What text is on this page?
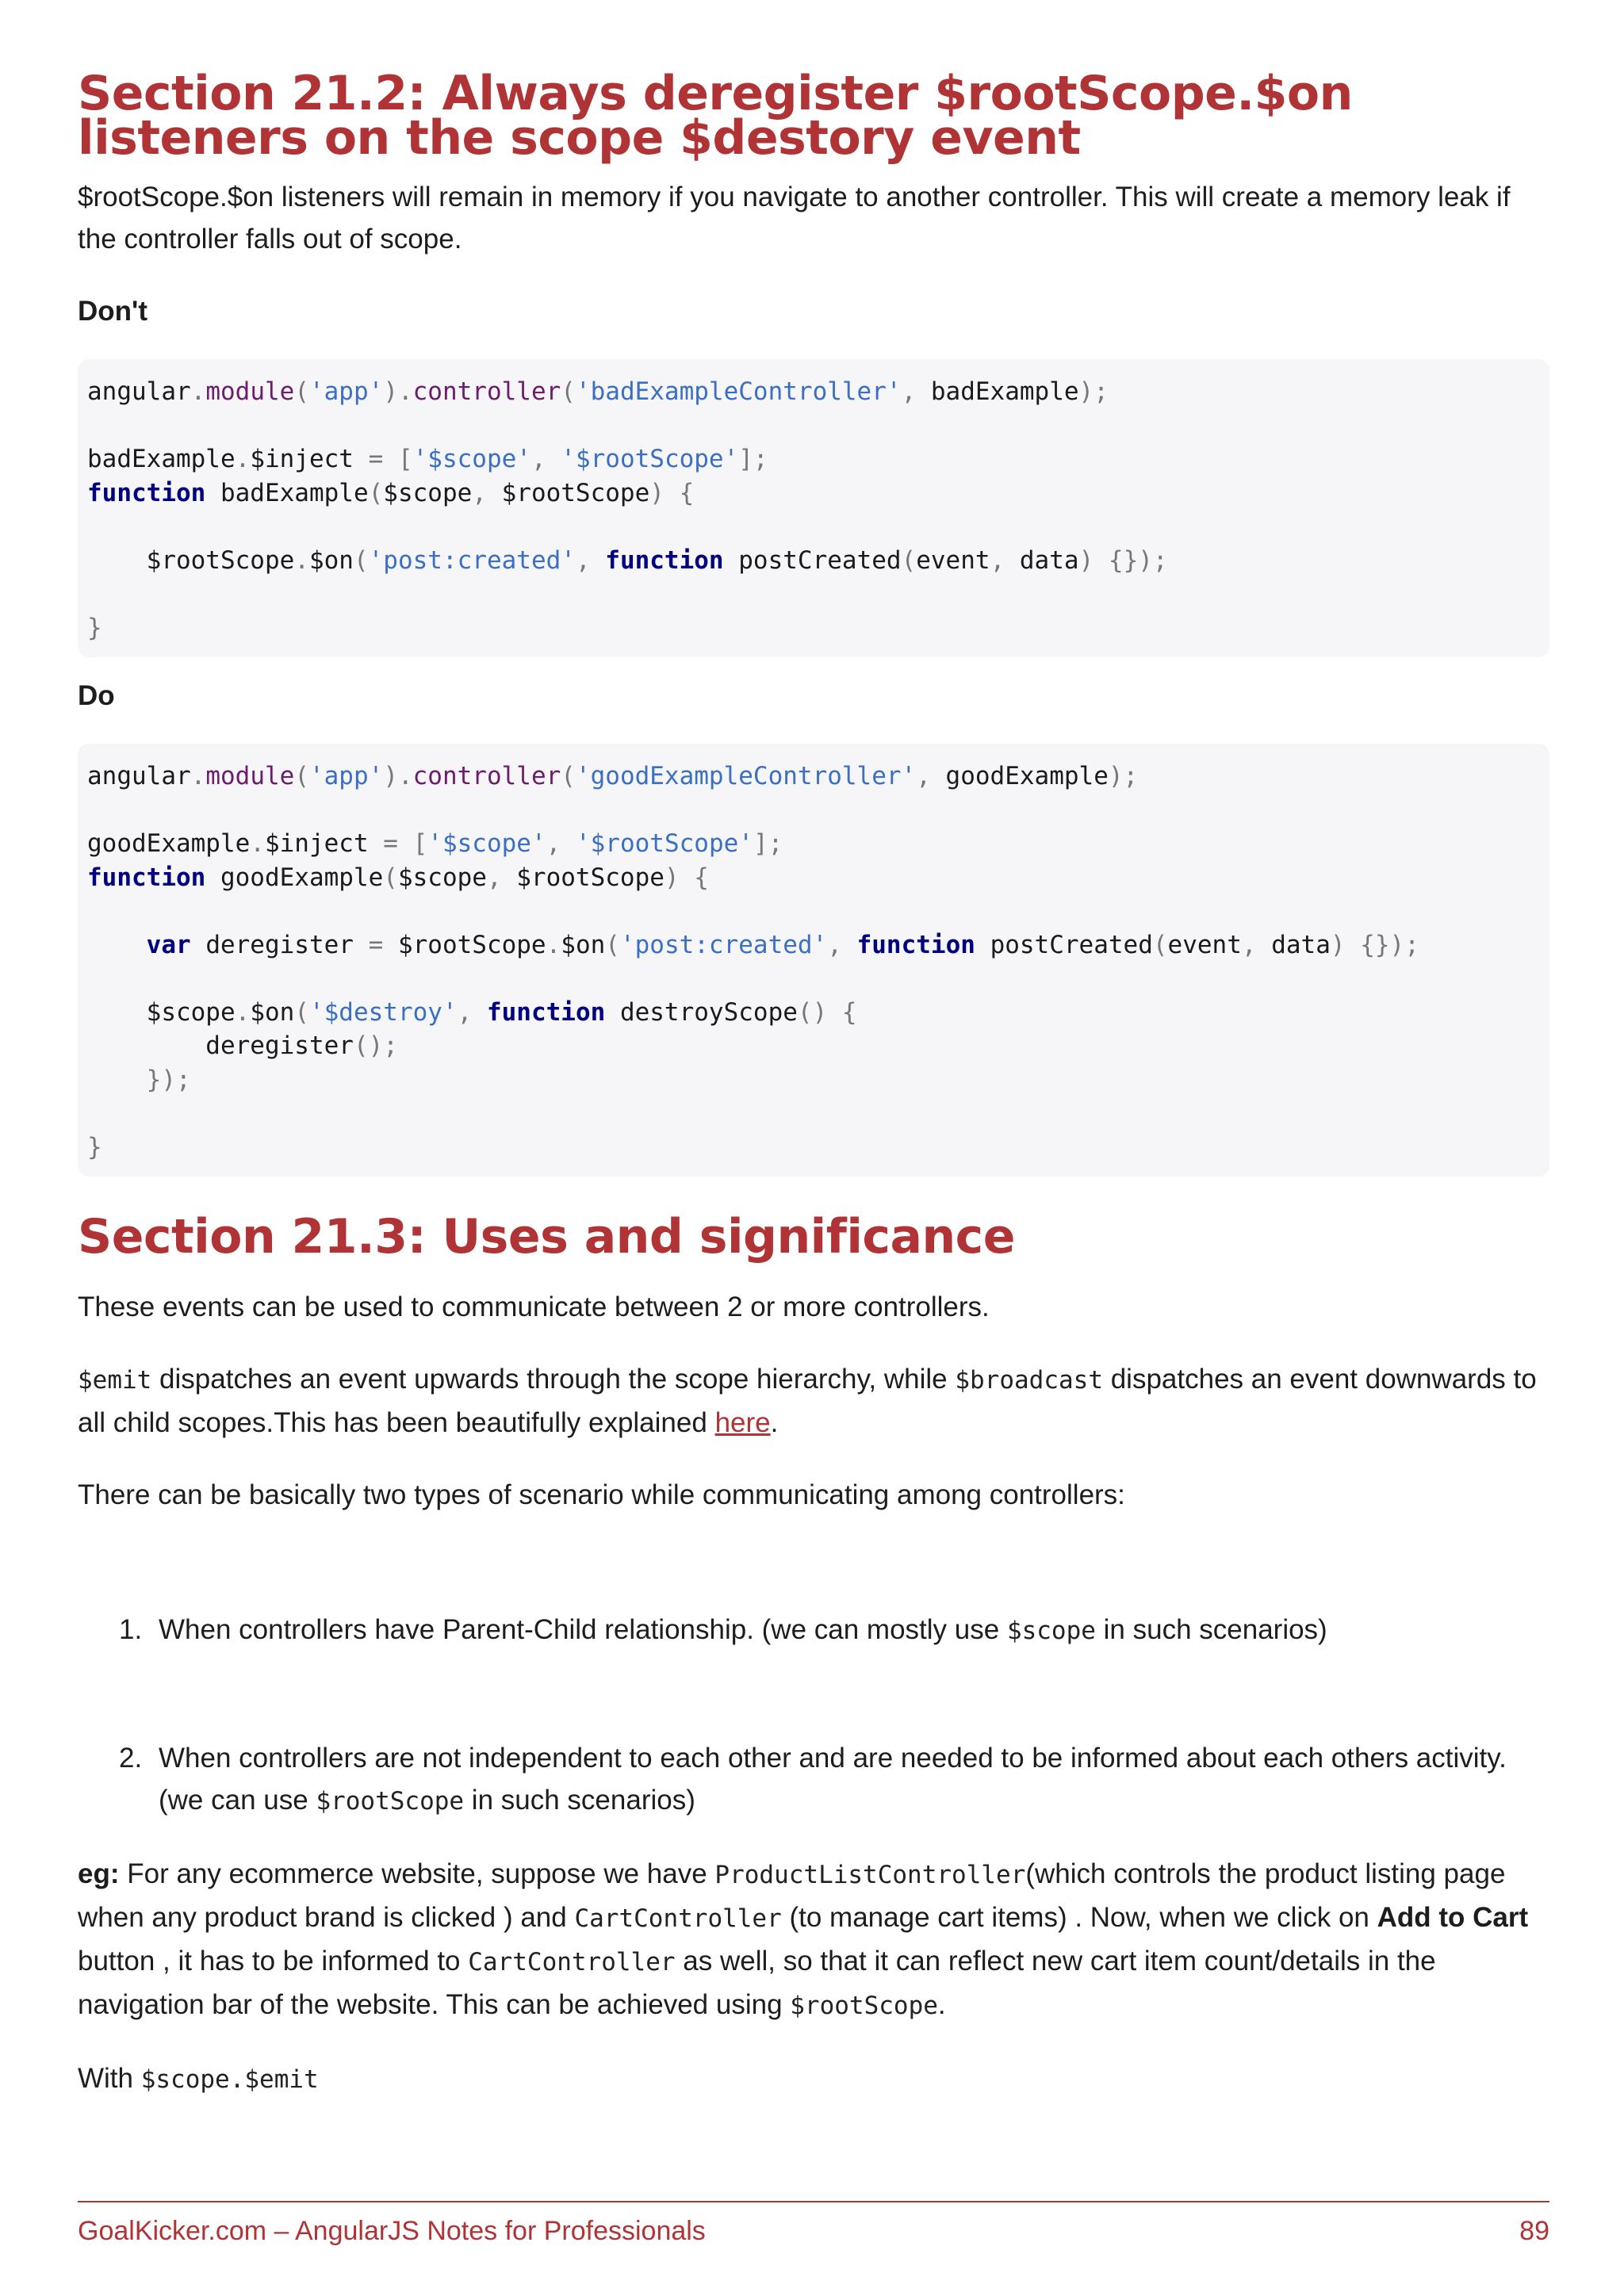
Section 21.2: Always deregister $rootScope.$on listeners on the scope $destory event

$rootScope.$on listeners will remain in memory if you navigate to another controller. This will create a memory leak if the controller falls out of scope.

Don't

angular.module('app').controller('badExampleController', badExample);

badExample.$inject = ['$scope', '$rootScope'];
function badExample($scope, $rootScope) {

$rootScope.$on('post:created', function postCreated(event, data) {});

}

Do

angular.module('app').controller('goodExampleController', goodExample);

goodExample.$inject = ['$scope', '$rootScope'];
function goodExample($scope, $rootScope) {

var deregister = $rootScope.$on('post:created', function postCreated(event, data) {});

$scope.$on('$destroy', function destroyScope() {
deregister();
});

}
Section 21.3: Uses and significance

These events can be used to communicate between 2 or more controllers.

$emit dispatches an event upwards through the scope hierarchy, while $broadcast dispatches an event downwards to all child scopes.This has been beautifully explained here.

There can be basically two types of scenario while communicating among controllers:

1. When controllers have Parent-Child relationship. (we can mostly use $scope in such scenarios)
2. When controllers are not independent to each other and are needed to be informed about each others activity. (we can use $rootScope in such scenarios)

eg: For any ecommerce website, suppose we have ProductListController(which controls the product listing page when any product brand is clicked ) and CartController (to manage cart items) . Now, when we click on Add to Cart button , it has to be informed to CartController as well, so that it can reflect new cart item count/details in the navigation bar of the website. This can be achieved using $rootScope.

With $scope.$emit

GoalKicker.com – AngularJS Notes for Professionals	89
